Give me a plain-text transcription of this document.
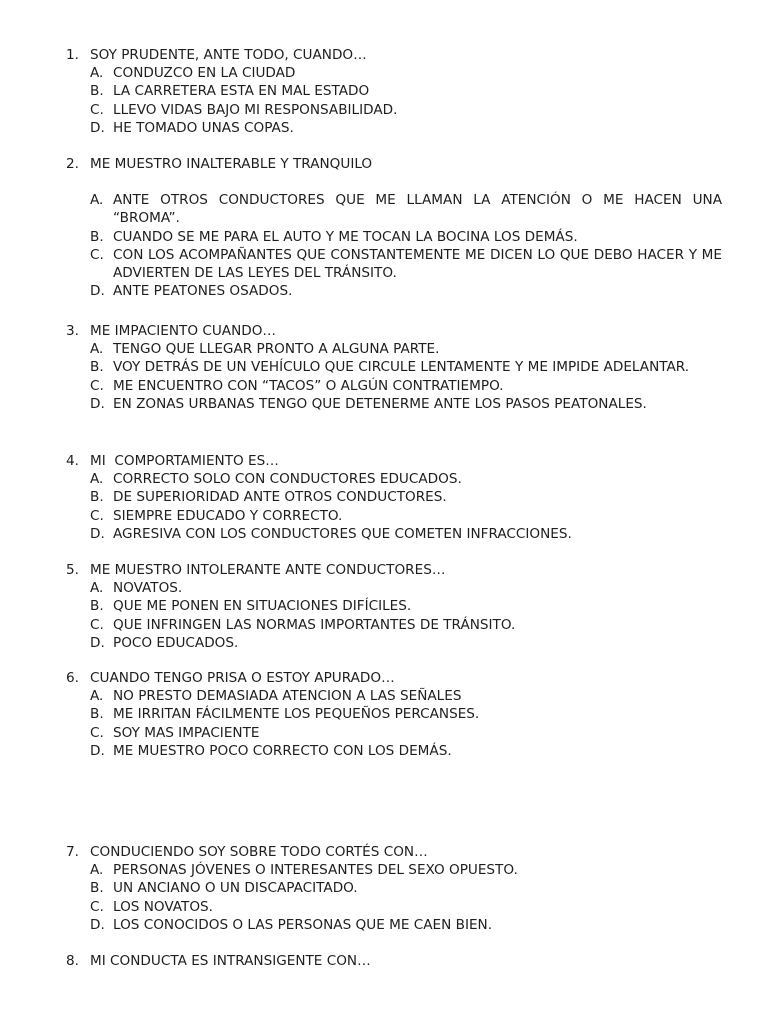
1. SOY PRUDENTE, ANTE TODO, CUANDO…
A. CONDUZCO EN LA CIUDAD
B. LA CARRETERA ESTA EN MAL ESTADO
C. LLEVO VIDAS BAJO MI RESPONSABILIDAD.
D. HE TOMADO UNAS COPAS.
2. ME MUESTRO INALTERABLE Y TRANQUILO
A. ANTE OTROS CONDUCTORES QUE ME LLAMAN LA ATENCIÓN O ME HACEN UNA “BROMA”.
B. CUANDO SE ME PARA EL AUTO Y ME TOCAN LA BOCINA LOS DEMÁS.
C. CON LOS ACOMPAÑANTES QUE CONSTANTEMENTE ME DICEN LO QUE DEBO HACER Y ME ADVIERTEN DE LAS LEYES DEL TRÁNSITO.
D. ANTE PEATONES OSADOS.
3. ME IMPACIENTO CUANDO…
A. TENGO QUE LLEGAR PRONTO A ALGUNA PARTE.
B. VOY DETRÁS DE UN VEHÍCULO QUE CIRCULE LENTAMENTE Y ME IMPIDE ADELANTAR.
C. ME ENCUENTRO CON “TACOS” O ALGÚN CONTRATIEMPO.
D. EN ZONAS URBANAS TENGO QUE DETENERME ANTE LOS PASOS PEATONALES.
4. MI  COMPORTAMIENTO ES…
A. CORRECTO SOLO CON CONDUCTORES EDUCADOS.
B. DE SUPERIORIDAD ANTE OTROS CONDUCTORES.
C. SIEMPRE EDUCADO Y CORRECTO.
D. AGRESIVA CON LOS CONDUCTORES QUE COMETEN INFRACCIONES.
5. ME MUESTRO INTOLERANTE ANTE CONDUCTORES…
A. NOVATOS.
B. QUE ME PONEN EN SITUACIONES DIFÍCILES.
C. QUE INFRINGEN LAS NORMAS IMPORTANTES DE TRÁNSITO.
D. POCO EDUCADOS.
6. CUANDO TENGO PRISA O ESTOY APURADO…
A. NO PRESTO DEMASIADA ATENCION A LAS SEÑALES
B. ME IRRITAN FÁCILMENTE LOS PEQUEÑOS PERCANSES.
C. SOY MAS IMPACIENTE
D. ME MUESTRO POCO CORRECTO CON LOS DEMÁS.
7. CONDUCIENDO SOY SOBRE TODO CORTÉS CON…
A. PERSONAS JÓVENES O INTERESANTES DEL SEXO OPUESTO.
B. UN ANCIANO O UN DISCAPACITADO.
C. LOS NOVATOS.
D. LOS CONOCIDOS O LAS PERSONAS QUE ME CAEN BIEN.
8. MI CONDUCTA ES INTRANSIGENTE CON…
